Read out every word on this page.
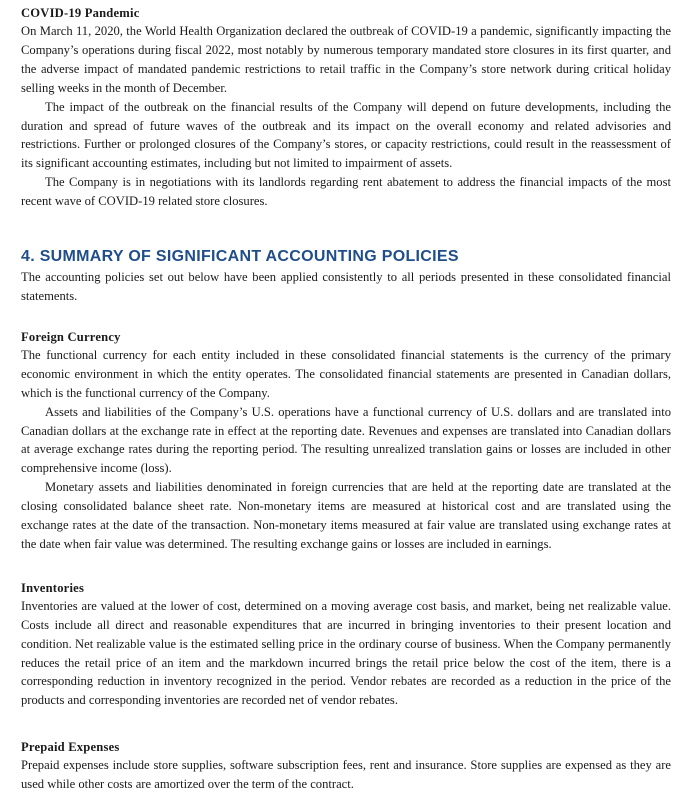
COVID-19 Pandemic

On March 11, 2020, the World Health Organization declared the outbreak of COVID-19 a pandemic, significantly impacting the Company’s operations during fiscal 2022, most notably by numerous temporary mandated store closures in its first quarter, and the adverse impact of mandated pandemic restrictions to retail traffic in the Company’s store network during critical holiday selling weeks in the month of December.

The impact of the outbreak on the financial results of the Company will depend on future developments, including the duration and spread of future waves of the outbreak and its impact on the overall economy and related advisories and restrictions. Further or prolonged closures of the Company’s stores, or capacity restrictions, could result in the reassessment of its significant accounting estimates, including but not limited to impairment of assets.

The Company is in negotiations with its landlords regarding rent abatement to address the financial impacts of the most recent wave of COVID-19 related store closures.

4. SUMMARY OF SIGNIFICANT ACCOUNTING POLICIES

The accounting policies set out below have been applied consistently to all periods presented in these consolidated financial statements.

Foreign Currency

The functional currency for each entity included in these consolidated financial statements is the currency of the primary economic environment in which the entity operates. The consolidated financial statements are presented in Canadian dollars, which is the functional currency of the Company.

Assets and liabilities of the Company’s U.S. operations have a functional currency of U.S. dollars and are translated into Canadian dollars at the exchange rate in effect at the reporting date. Revenues and expenses are translated into Canadian dollars at average exchange rates during the reporting period. The resulting unrealized translation gains or losses are included in other comprehensive income (loss).

Monetary assets and liabilities denominated in foreign currencies that are held at the reporting date are translated at the closing consolidated balance sheet rate. Non-monetary items are measured at historical cost and are translated using the exchange rates at the date of the transaction. Non-monetary items measured at fair value are translated using exchange rates at the date when fair value was determined. The resulting exchange gains or losses are included in earnings.

Inventories

Inventories are valued at the lower of cost, determined on a moving average cost basis, and market, being net realizable value. Costs include all direct and reasonable expenditures that are incurred in bringing inventories to their present location and condition. Net realizable value is the estimated selling price in the ordinary course of business. When the Company permanently reduces the retail price of an item and the markdown incurred brings the retail price below the cost of the item, there is a corresponding reduction in inventory recognized in the period. Vendor rebates are recorded as a reduction in the price of the products and corresponding inventories are recorded net of vendor rebates.

Prepaid Expenses

Prepaid expenses include store supplies, software subscription fees, rent and insurance. Store supplies are expensed as they are used while other costs are amortized over the term of the contract.
